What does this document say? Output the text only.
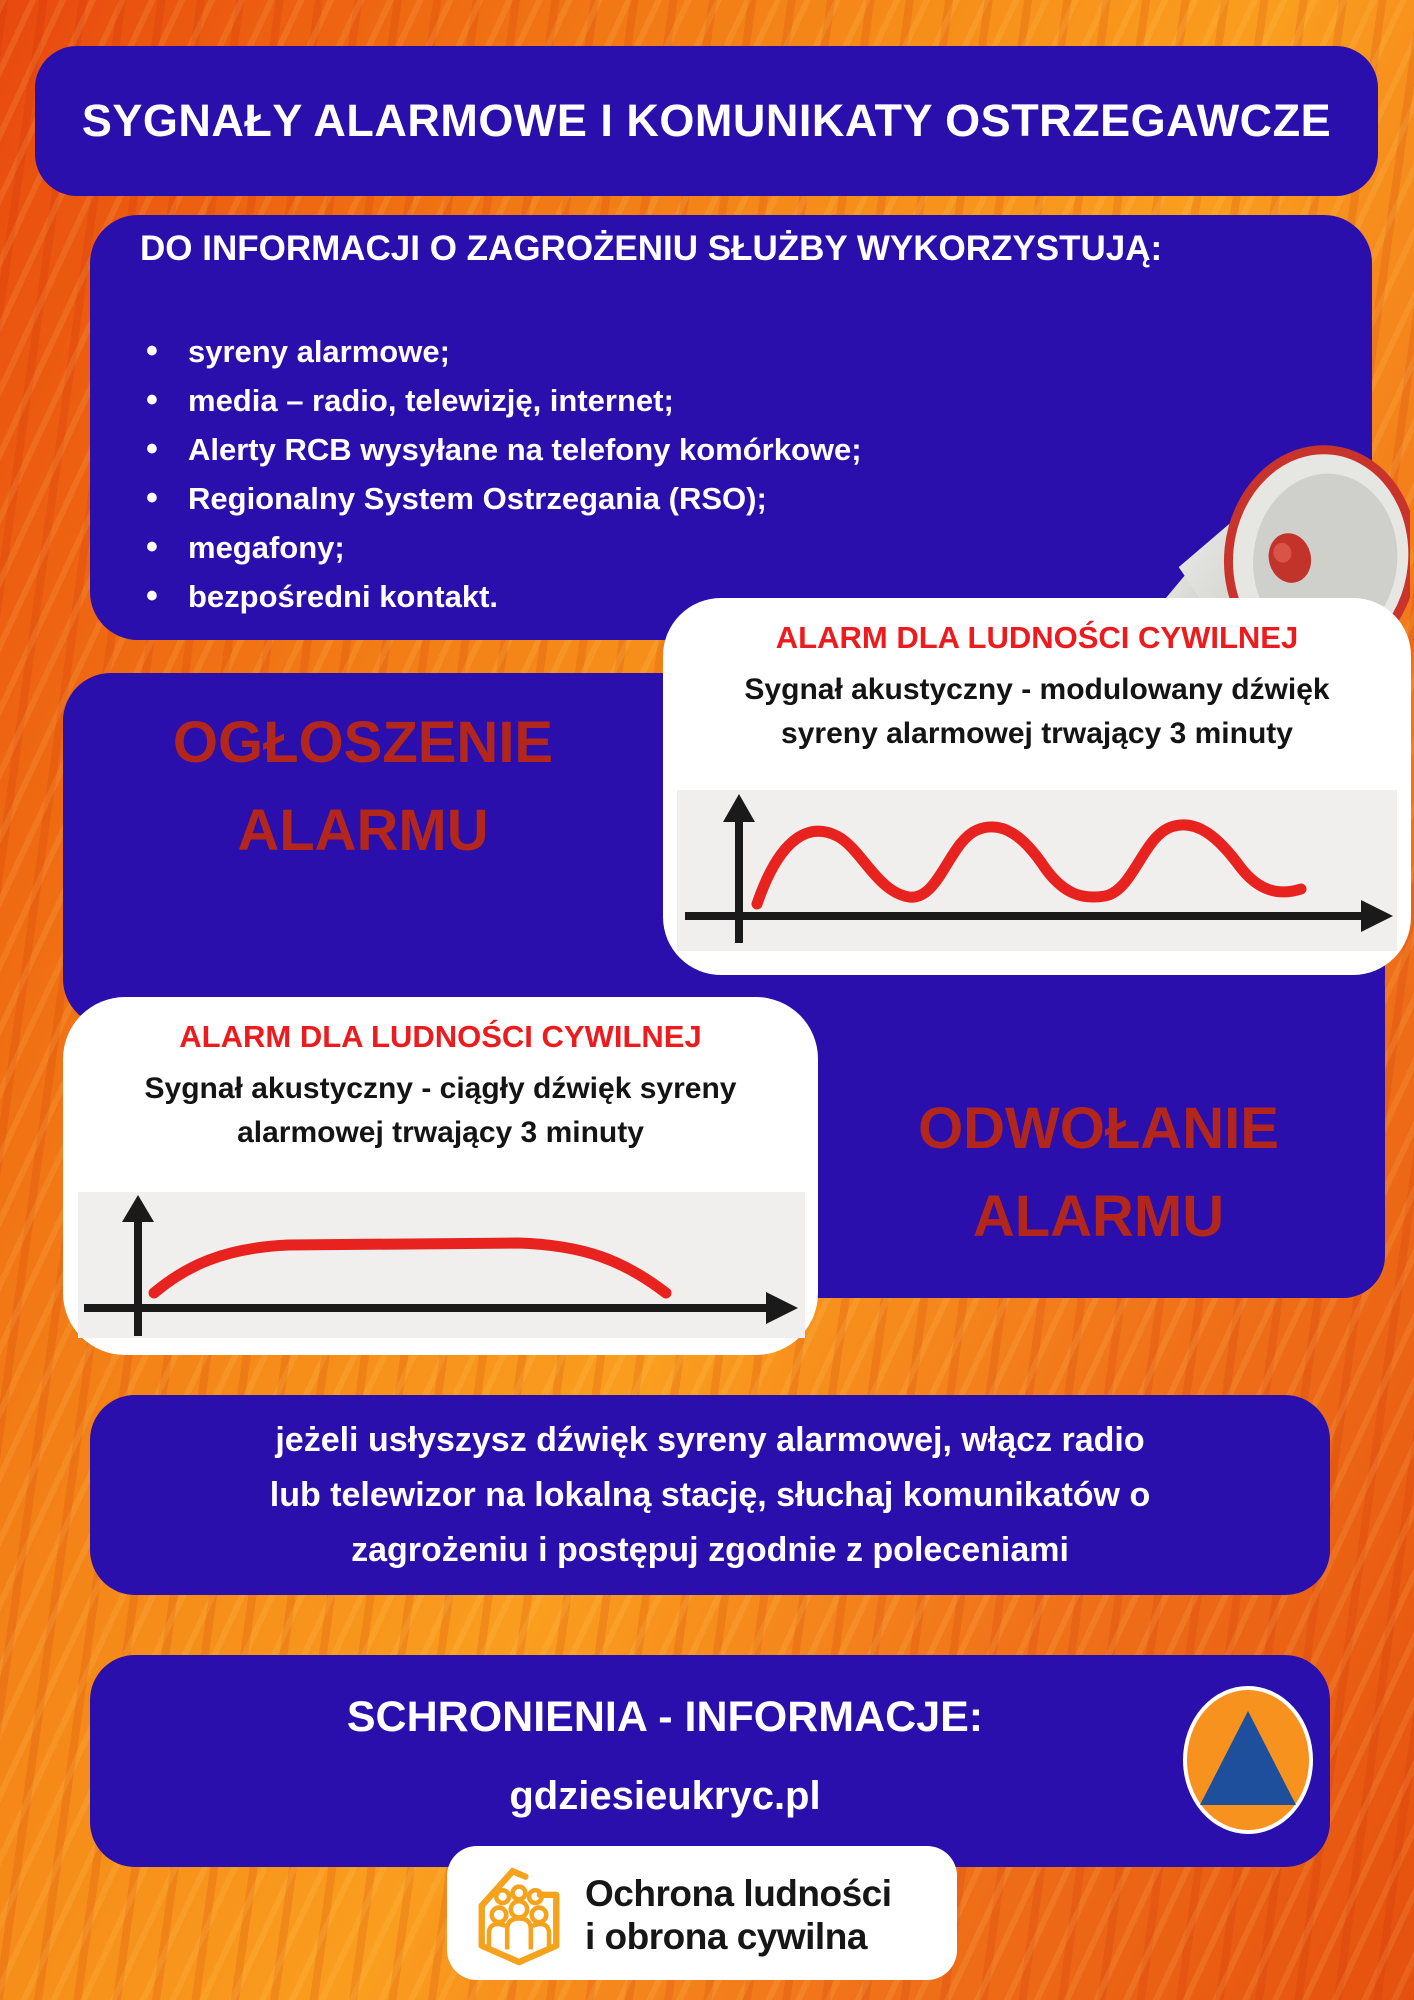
SYGNAŁY ALARMOWE I KOMUNIKATY OSTRZEGAWCZE
DO INFORMACJI O ZAGROŻENIU SŁUŻBY WYKORZYSTUJĄ:
• syreny alarmowe;
• media – radio, telewizję, internet;
• Alerty RCB wysyłane na telefony komórkowe;
• Regionalny System Ostrzegania (RSO);
• megafony;
• bezpośredni kontakt.
OGŁOSZENIE
ALARMU
ODWOŁANIE
ALARMU
ALARM DLA LUDNOŚCI CYWILNEJ
Sygnał akustyczny - modulowany dźwięk
syreny alarmowej trwający 3 minuty
ALARM DLA LUDNOŚCI CYWILNEJ
Sygnał akustyczny - ciągły dźwięk syreny
alarmowej trwający 3 minuty
jeżeli usłyszysz dźwięk syreny alarmowej, włącz radio
lub telewizor na lokalną stację, słuchaj komunikatów o
zagrożeniu i postępuj zgodnie z poleceniami
SCHRONIENIA - INFORMACJE:
gdziesieukryc.pl
Ochrona ludności
i obrona cywilna
